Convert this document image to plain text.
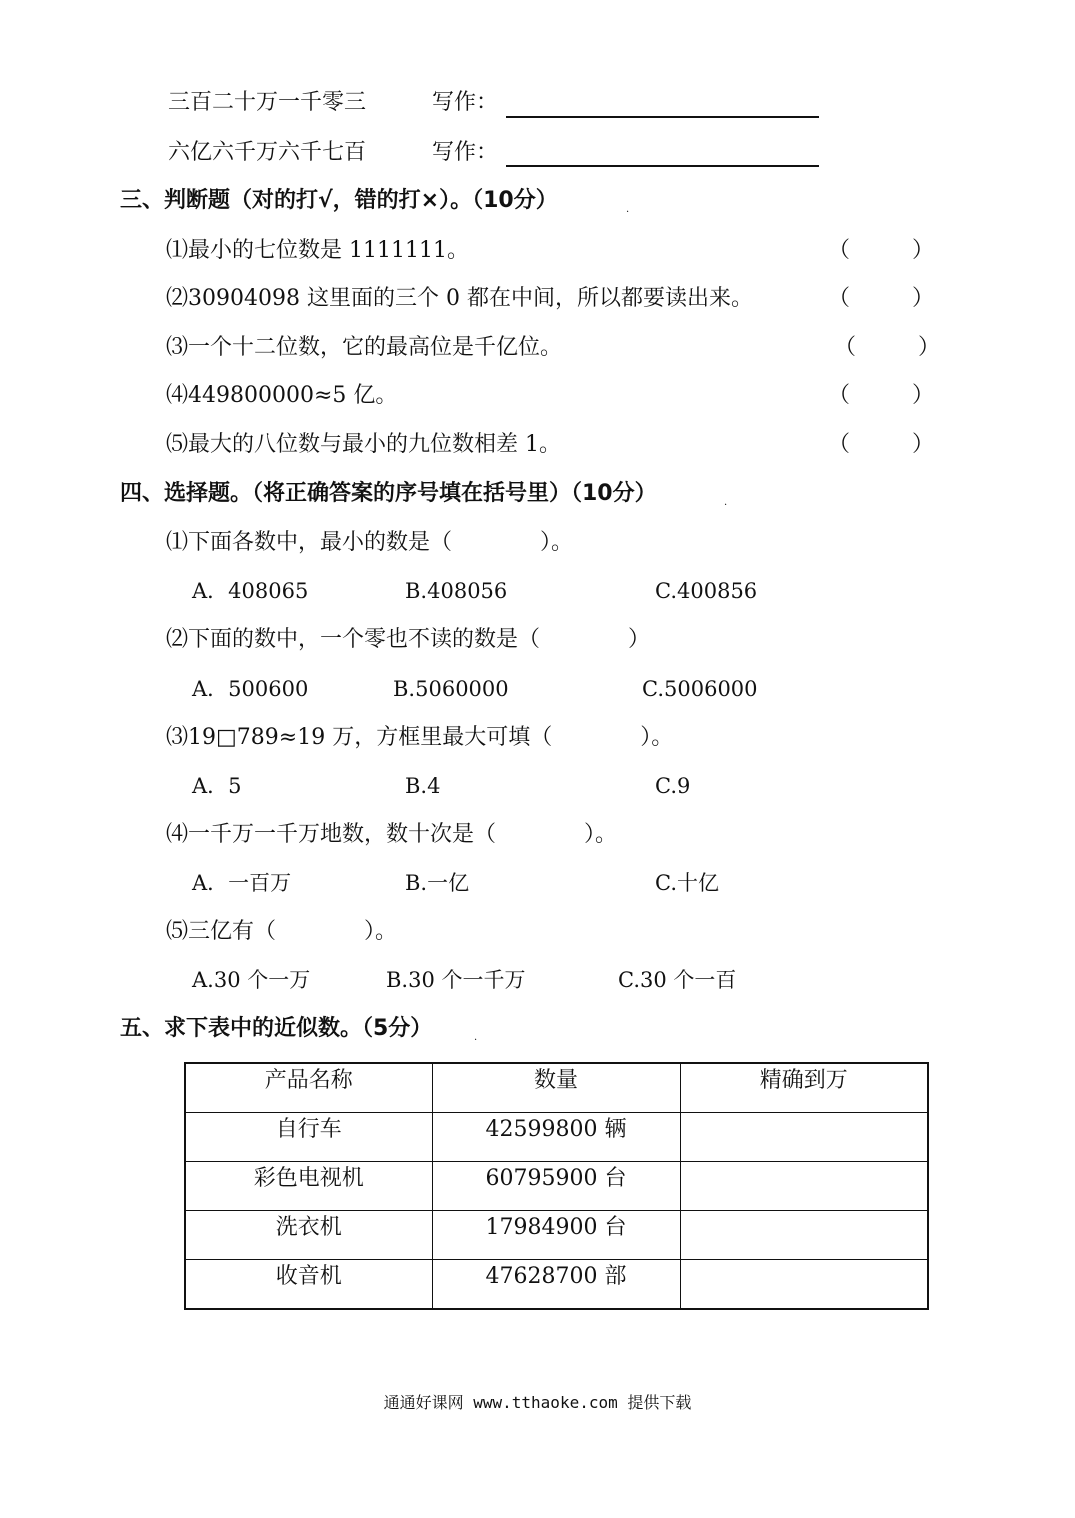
三百二十万一千零三	写作：
六亿六千万六千七百	写作：
三、判断题（对的打√，错的打×）。（10分）	.
⑴最小的七位数是 1111111。	（	）
⑵30904098 这里面的三个 0 都在中间，所以都要读出来。	（	）
⑶一个十二位数，它的最高位是千亿位。	（	）
⑷449800000≈5 亿。	（	）
⑸最大的八位数与最小的九位数相差 1。	（	）
四、选择题。（将正确答案的序号填在括号里）（10分）	.
⑴下面各数中，最小的数是（　　　　）。
A．408065	B.408056	C.400856
⑵下面的数中，一个零也不读的数是（　　　　）
A．500600	B.5060000	C.5006000
⑶19□789≈19 万，方框里最大可填（　　　　）。
A．5	B.4	C.9
⑷一千万一千万地数，数十次是（　　　　）。
A．一百万	B.一亿	C.十亿
⑸三亿有（　　　　）。
A.30 个一万	B.30 个一千万	C.30 个一百
五、求下表中的近似数。（5分）	.
产品名称	数量	精确到万
自行车	42599800 辆	
彩色电视机	60795900 台	
洗衣机	17984900 台	
收音机	47628700 部	
通通好课网 www.tthaoke.com 提供下载
